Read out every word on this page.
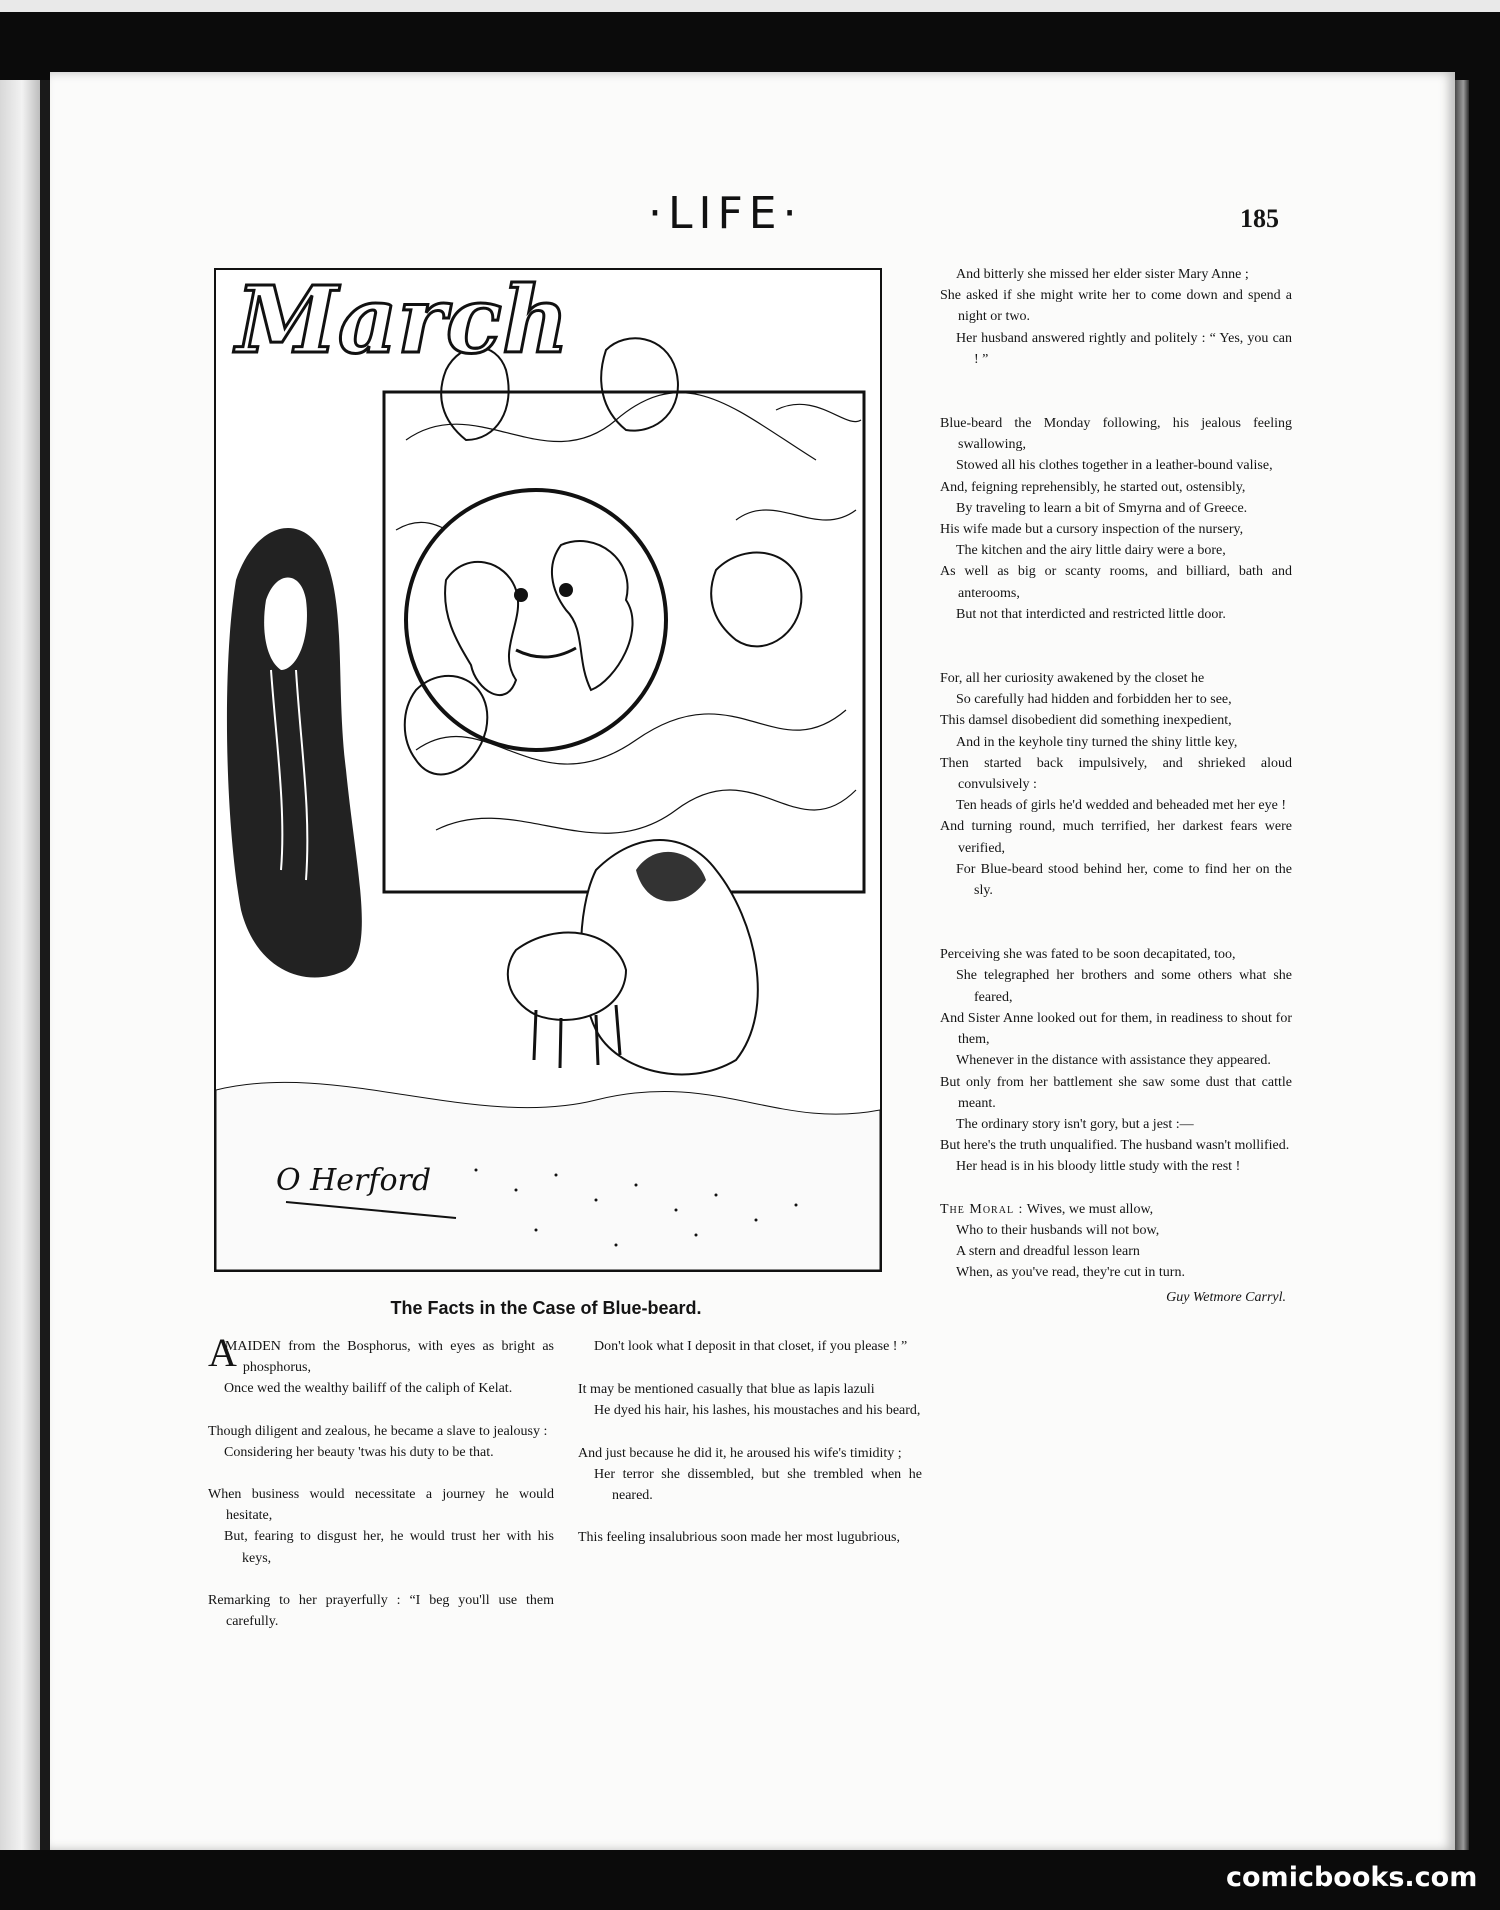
·LIFE·	185
March
O Herford
The Facts in the Case of Blue-beard.

A
MAIDEN from the Bosphorus, with eyes as bright as phosphorus,

Once wed the wealthy bailiff of the caliph of Kelat.

Though diligent and zealous, he became a slave to jealousy :

Considering her beauty 'twas his duty to be that.

When business would necessitate a journey he would hesitate,

But, fearing to disgust her, he would trust her with his keys,

Remarking to her prayerfully : “I beg you'll use them carefully.

Don't look what I deposit in that closet, if you please ! ”

It may be mentioned casually that blue as lapis lazuli

He dyed his hair, his lashes, his moustaches and his beard,

And just because he did it, he aroused his wife's timidity ;

Her terror she dissembled, but she trembled when he neared.

This feeling insalubrious soon made her most lugubrious,

And bitterly she missed her elder sister Mary Anne ;

She asked if she might write her to come down and spend a night or two.

Her husband answered rightly and politely : “ Yes, you can ! ”

Blue-beard the Monday following, his jealous feeling swallowing,

Stowed all his clothes together in a leather-bound valise,

And, feigning reprehensibly, he started out, ostensibly,

By traveling to learn a bit of Smyrna and of Greece.

His wife made but a cursory inspection of the nursery,

The kitchen and the airy little dairy were a bore,

As well as big or scanty rooms, and billiard, bath and anterooms,

But not that interdicted and restricted little door.

For, all her curiosity awakened by the closet he

So carefully had hidden and forbidden her to see,

This damsel disobedient did something inexpedient,

And in the keyhole tiny turned the shiny little key,

Then started back impulsively, and shrieked aloud convulsively :

Ten heads of girls he'd wedded and beheaded met her eye !

And turning round, much terrified, her darkest fears were verified,

For Blue-beard stood behind her, come to find her on the sly.

Perceiving she was fated to be soon decapitated, too,

She telegraphed her brothers and some others what she feared,

And Sister Anne looked out for them, in readiness to shout for them,

Whenever in the distance with assistance they appeared.

But only from her battlement she saw some dust that cattle meant.

The ordinary story isn't gory, but a jest :—

But here's the truth unqualified. The husband wasn't mollified.

Her head is in his bloody little study with the rest !

The Moral : Wives, we must allow,

Who to their husbands will not bow,

A stern and dreadful lesson learn

When, as you've read, they're cut in turn.

Guy Wetmore Carryl.

comicbooks.com
